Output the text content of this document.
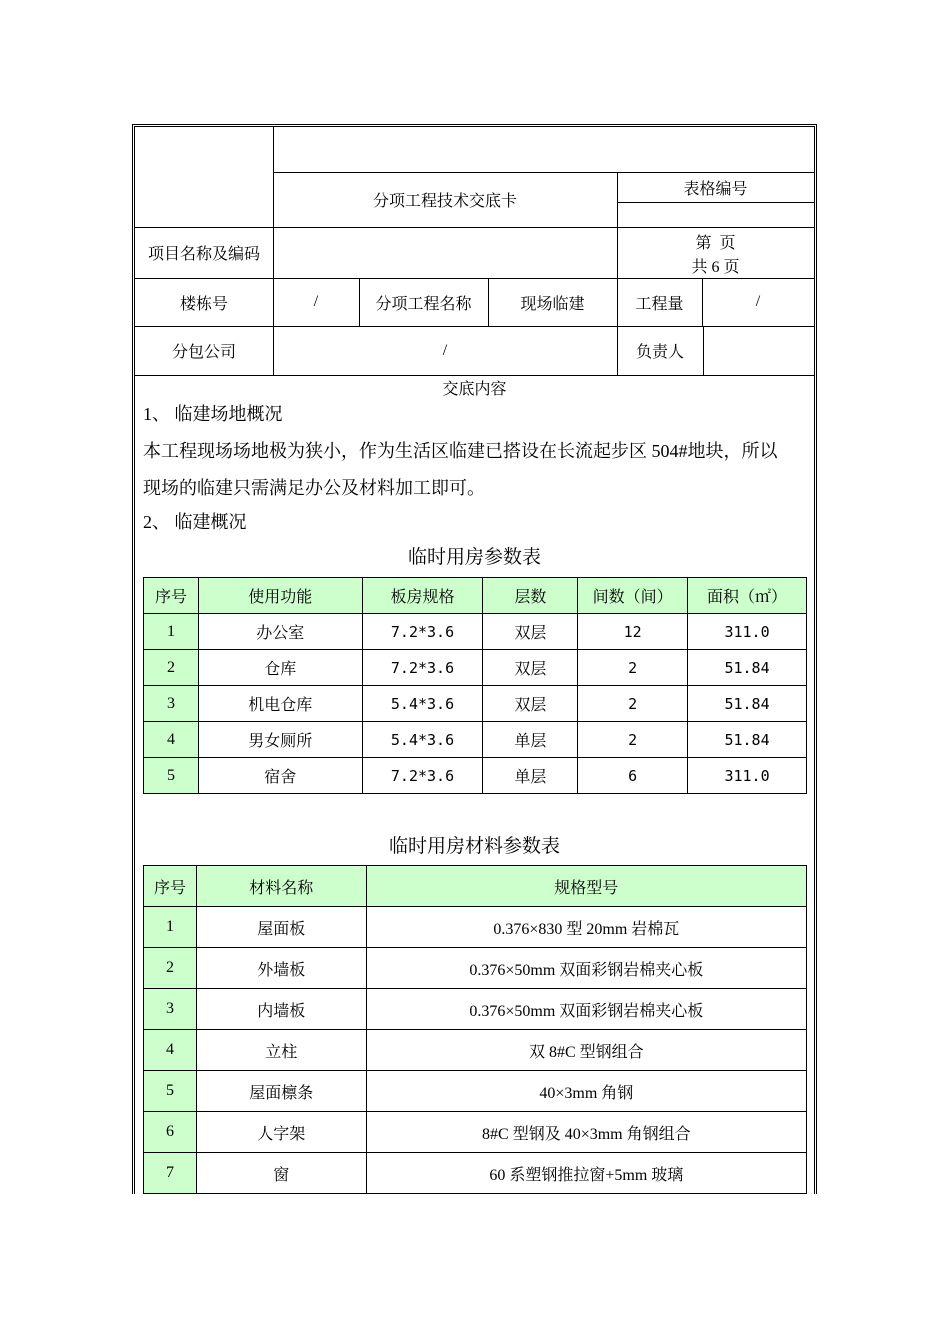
分项工程技术交底卡
表格编号
项目名称及编码
第  页
共 6 页
楼栋号	/	分项工程名称	现场临建	工程量	/
分包公司	/	负责人
交底内容
1、 临建场地概况
本工程现场场地极为狭小，作为生活区临建已搭设在长流起步区 504#地块，所以
现场的临建只需满足办公及材料加工即可。
2、 临建概况
临时用房参数表
序号	使用功能	板房规格	层数	间数（间）	面积（㎡）
1	办公室	7.2*3.6	双层	12	311.0
2	仓库	7.2*3.6	双层	2	51.84
3	机电仓库	5.4*3.6	双层	2	51.84
4	男女厕所	5.4*3.6	单层	2	51.84
5	宿舍	7.2*3.6	单层	6	311.0
临时用房材料参数表
序号	材料名称	规格型号
1	屋面板	0.376×830 型 20mm 岩棉瓦
2	外墙板	0.376×50mm 双面彩钢岩棉夹心板
3	内墙板	0.376×50mm 双面彩钢岩棉夹心板
4	立柱	双 8#C 型钢组合
5	屋面檩条	40×3mm 角钢
6	人字架	8#C 型钢及 40×3mm 角钢组合
7	窗	60 系塑钢推拉窗+5mm 玻璃
